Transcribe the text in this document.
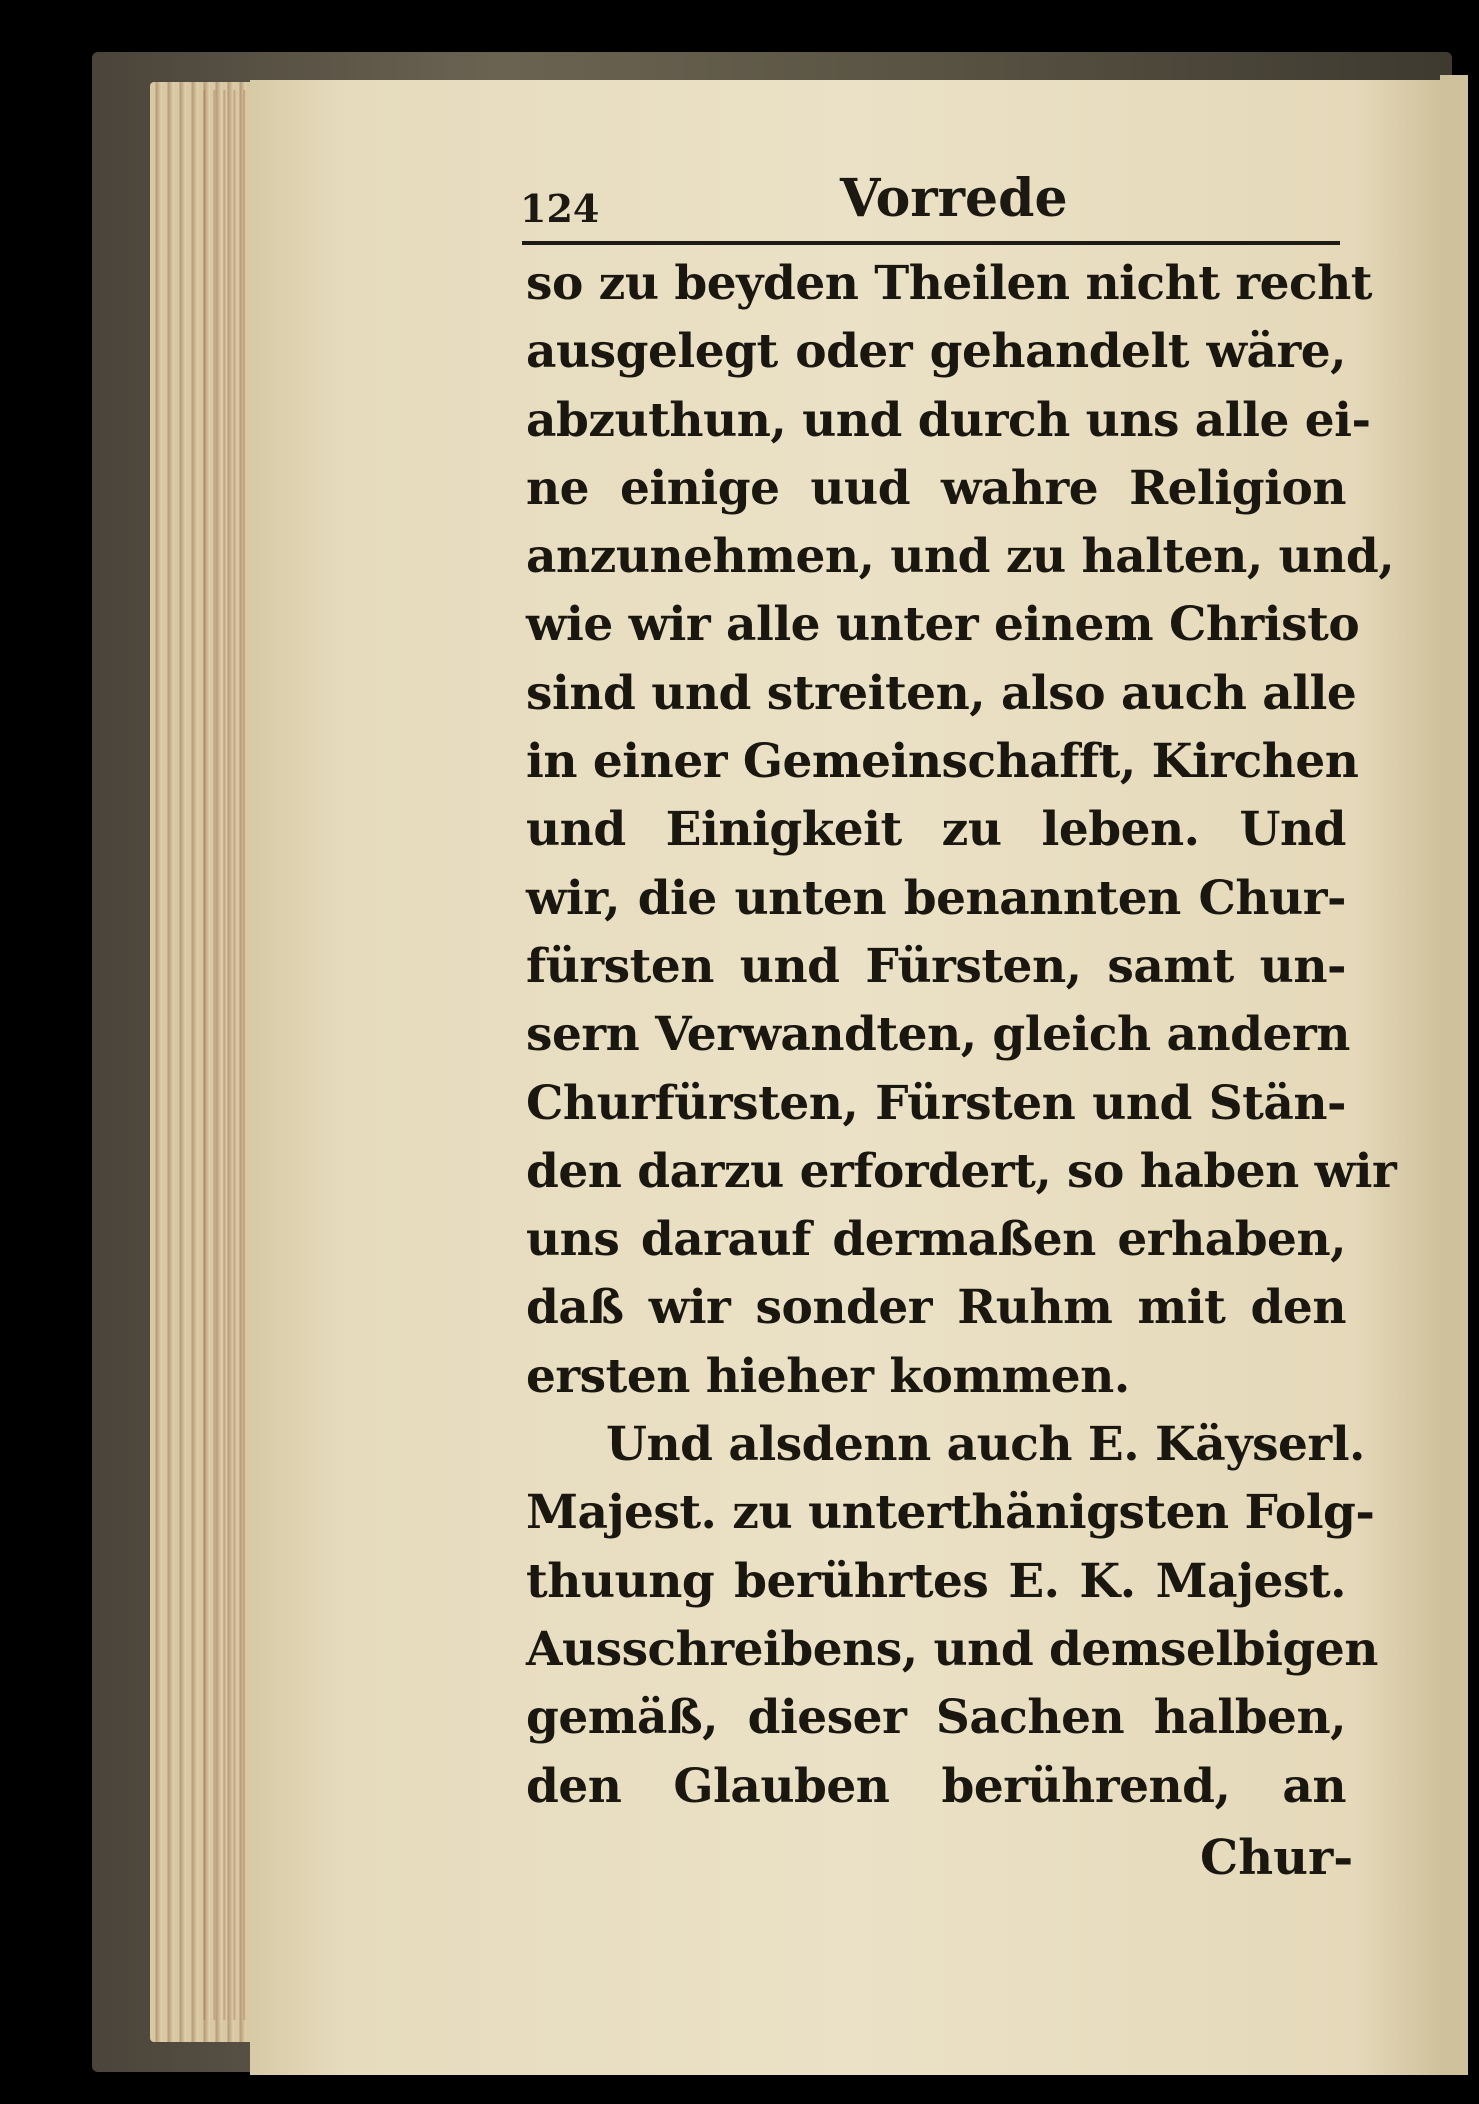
124	Vorrede
so zu beyden Theilen nicht recht
ausgelegt oder gehandelt wäre,
abzuthun, und durch uns alle ei-
ne einige uud wahre Religion
anzunehmen, und zu halten, und,
wie wir alle unter einem Christo
sind und streiten, also auch alle
in einer Gemeinschafft, Kirchen
und Einigkeit zu leben. Und
wir, die unten benannten Chur-
fürsten und Fürsten, samt un-
sern Verwandten, gleich andern
Churfürsten, Fürsten und Stän-
den darzu erfordert, so haben wir
uns darauf dermaßen erhaben,
daß wir sonder Ruhm mit den
ersten hieher kommen.
Und alsdenn auch E. Käyserl.
Majest. zu unterthänigsten Folg-
thuung berührtes E. K. Majest.
Ausschreibens, und demselbigen
gemäß, dieser Sachen halben,
den Glauben berührend, an
Chur-
